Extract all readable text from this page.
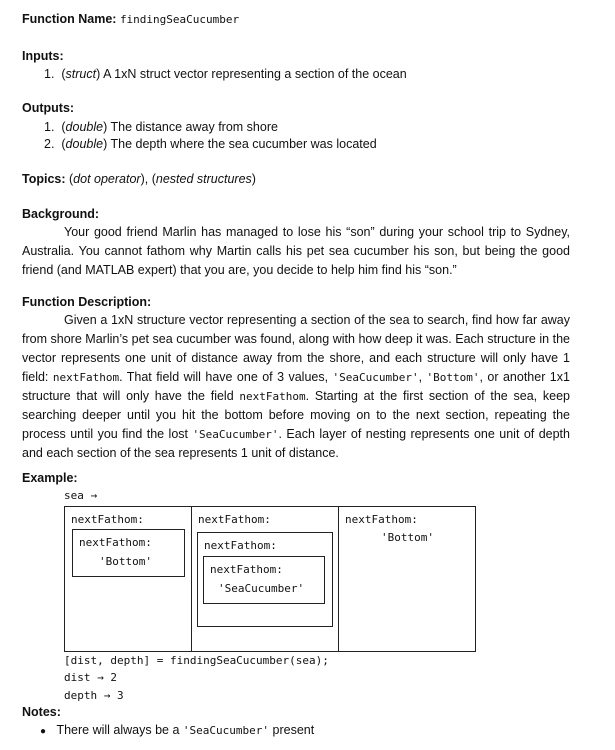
Function Name: findingSeaCucumber
Inputs:
1.  (struct) A 1xN struct vector representing a section of the ocean
Outputs:
1.  (double) The distance away from shore
2.  (double) The depth where the sea cucumber was located
Topics: (dot operator), (nested structures)
Background:
Your good friend Marlin has managed to lose his “son” during your school trip to Sydney, Australia. You cannot fathom why Martin calls his pet sea cucumber his son, but being the good friend (and MATLAB expert) that you are, you decide to help him find his “son.”
Function Description:
Given a 1xN structure vector representing a section of the sea to search, find how far away from shore Marlin’s pet sea cucumber was found, along with how deep it was. Each structure in the vector represents one unit of distance away from the shore, and each structure will only have 1 field: nextFathom. That field will have one of 3 values, 'SeaCucumber', 'Bottom', or another 1x1 structure that will only have the field nextFathom. Starting at the first section of the sea, keep searching deeper until you hit the bottom before moving on to the next section, repeating the process until you find the lost 'SeaCucumber'. Each layer of nesting represents one unit of depth and each section of the sea represents 1 unit of distance.
Example:
sea →
nextFathom:
nextFathom:
'Bottom'
nextFathom:
nextFathom:
nextFathom:
'SeaCucumber'
nextFathom:
'Bottom'
[dist, depth] = findingSeaCucumber(sea);
dist → 2
depth → 3
Notes:
● There will always be a 'SeaCucumber' present
